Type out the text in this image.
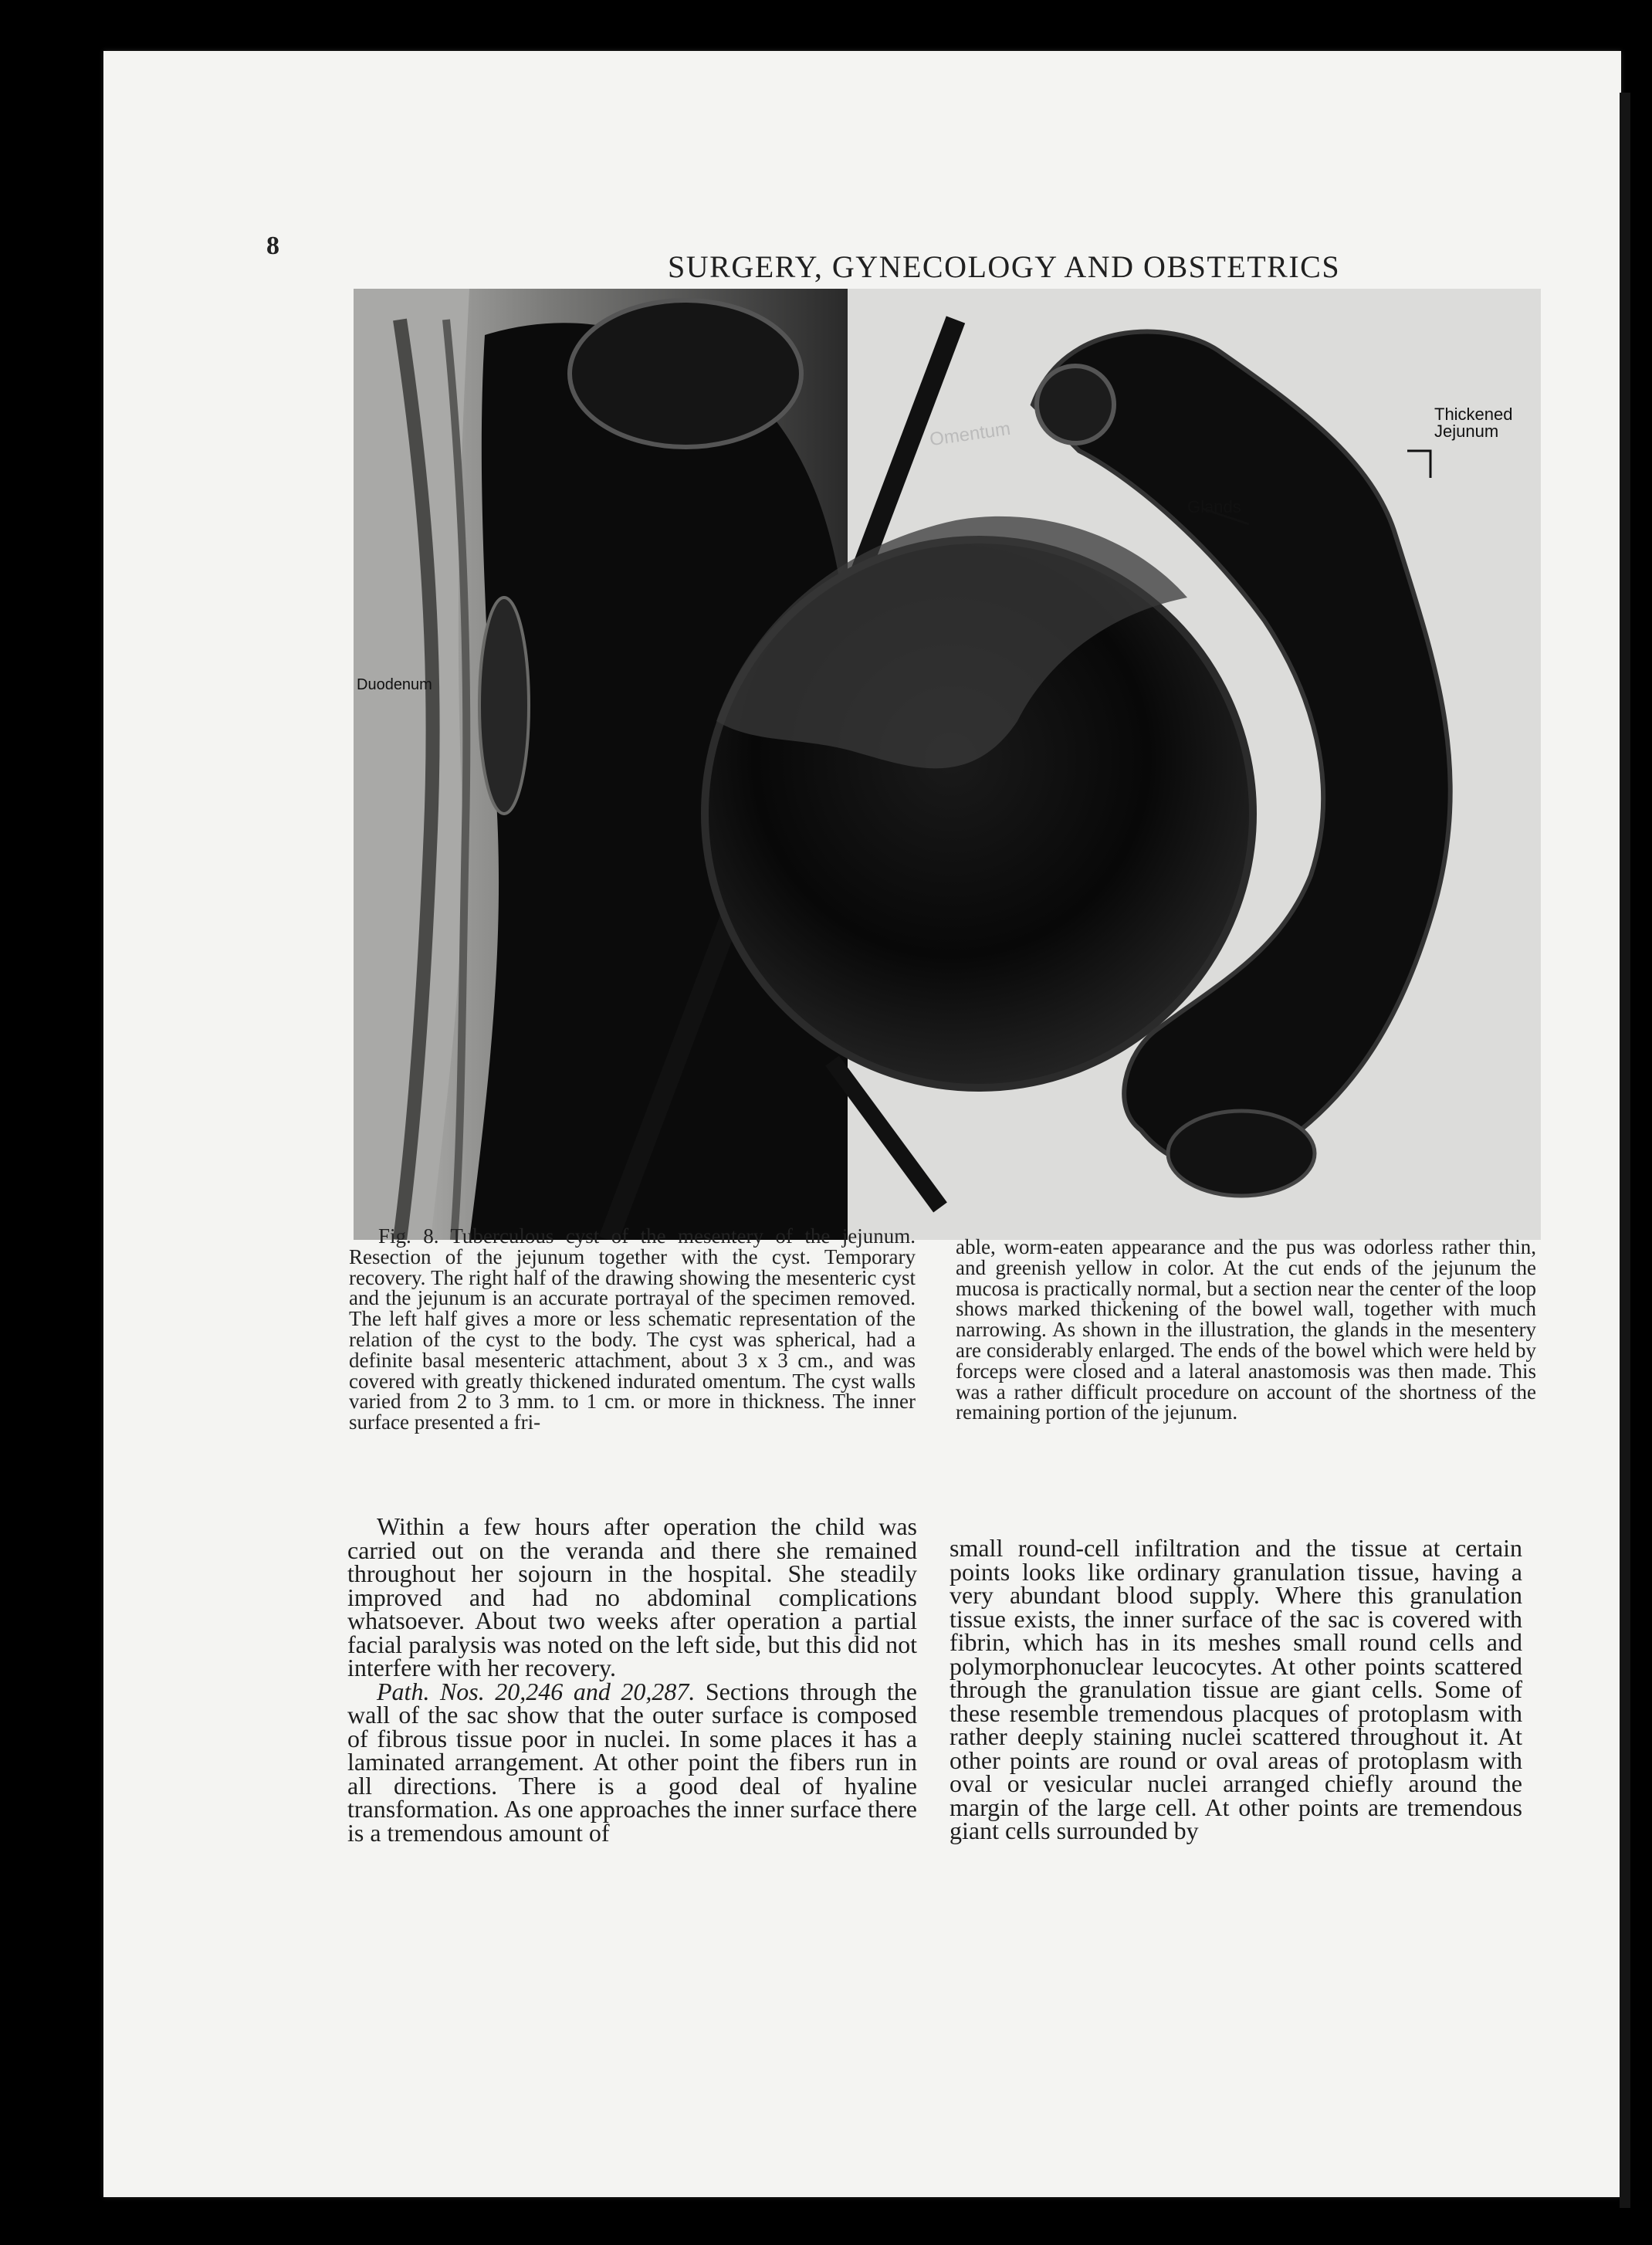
8
SURGERY, GYNECOLOGY AND OBSTETRICS
Thickened
Jejunum
Glands
Omentum
Duodenum

Fig. 8. Tuberculous cyst of the mesentery of the jejunum. Resection of the jejunum together with the cyst. Temporary recovery. The right half of the drawing showing the mesenteric cyst and the jejunum is an accurate portrayal of the specimen removed. The left half gives a more or less schematic representation of the relation of the cyst to the body. The cyst was spherical, had a definite basal mesenteric attachment, about 3 x 3 cm., and was covered with greatly thickened indurated omentum. The cyst walls varied from 2 to 3 mm. to 1 cm. or more in thickness. The inner surface presented a fri-

able, worm-eaten appearance and the pus was odorless rather thin, and greenish yellow in color. At the cut ends of the jejunum the mucosa is practically normal, but a section near the center of the loop shows marked thickening of the bowel wall, together with much narrowing. As shown in the illustration, the glands in the mesentery are considerably enlarged. The ends of the bowel which were held by forceps were closed and a lateral anastomosis was then made. This was a rather difficult procedure on account of the shortness of the remaining portion of the jejunum.

Within a few hours after operation the child was carried out on the veranda and there she remained throughout her sojourn in the hospital. She steadily improved and had no abdominal complications whatsoever. About two weeks after operation a partial facial paralysis was noted on the left side, but this did not interfere with her recovery.

Path. Nos. 20,246 and 20,287. Sections through the wall of the sac show that the outer surface is composed of fibrous tissue poor in nuclei. In some places it has a laminated arrangement. At other point the fibers run in all directions. There is a good deal of hyaline transformation. As one approaches the inner surface there is a tremendous amount of

small round-cell infiltration and the tissue at certain points looks like ordinary granulation tissue, having a very abundant blood supply. Where this granulation tissue exists, the inner surface of the sac is covered with fibrin, which has in its meshes small round cells and polymorphonuclear leucocytes. At other points scattered through the granulation tissue are giant cells. Some of these resemble tremendous placques of protoplasm with rather deeply staining nuclei scattered throughout it. At other points are round or oval areas of protoplasm with oval or vesicular nuclei arranged chiefly around the margin of the large cell. At other points are tremendous giant cells surrounded by
